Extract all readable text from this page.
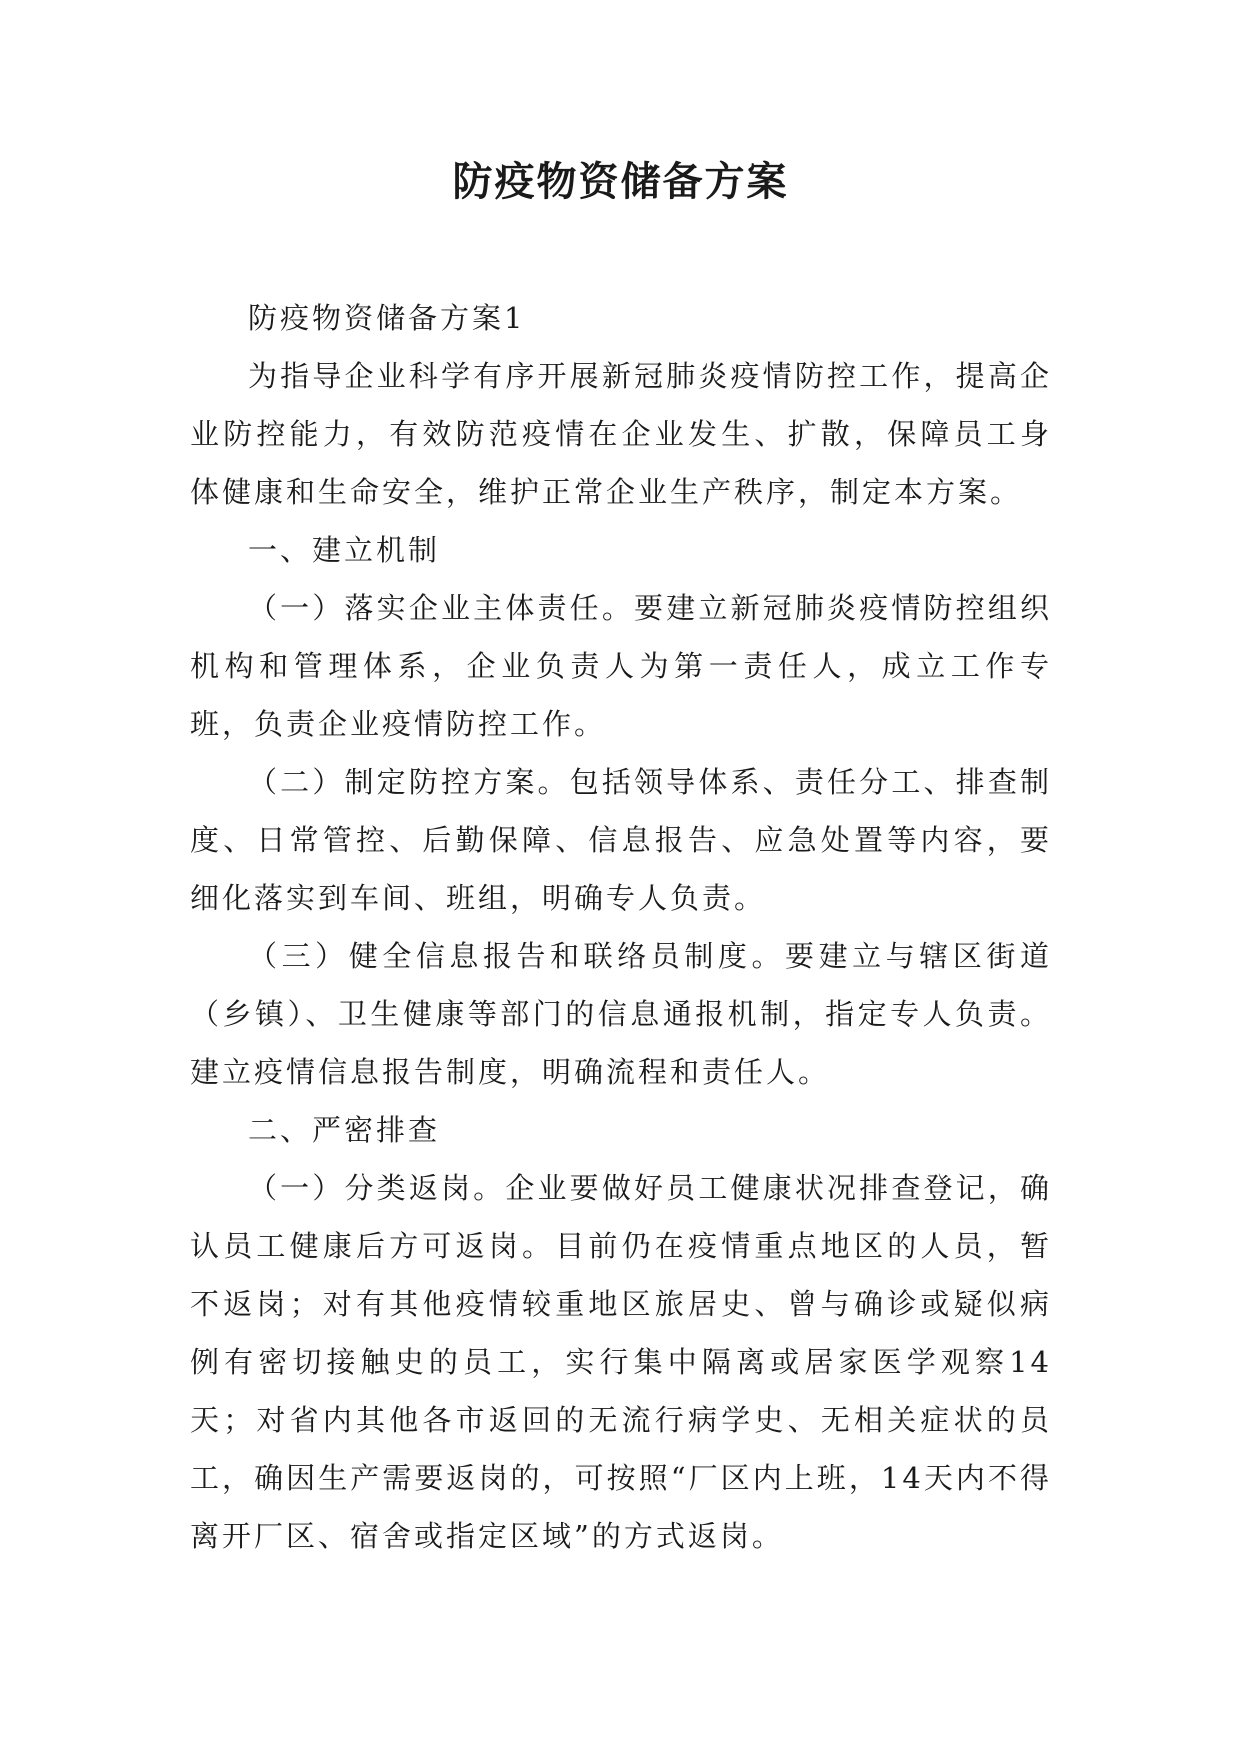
防疫物资储备方案

防疫物资储备方案1

为指导企业科学有序开展新冠肺炎疫情防控工作，提高企业防控能力，有效防范疫情在企业发生、扩散，保障员工身体健康和生命安全，维护正常企业生产秩序，制定本方案。

一、建立机制

（一）落实企业主体责任。要建立新冠肺炎疫情防控组织机构和管理体系，企业负责人为第一责任人，成立工作专班，负责企业疫情防控工作。

（二）制定防控方案。包括领导体系、责任分工、排查制度、日常管控、后勤保障、信息报告、应急处置等内容，要细化落实到车间、班组，明确专人负责。

（三）健全信息报告和联络员制度。要建立与辖区街道（乡镇）、卫生健康等部门的信息通报机制，指定专人负责。建立疫情信息报告制度，明确流程和责任人。

二、严密排查

（一）分类返岗。企业要做好员工健康状况排查登记，确认员工健康后方可返岗。目前仍在疫情重点地区的人员，暂不返岗；对有其他疫情较重地区旅居史、曾与确诊或疑似病例有密切接触史的员工，实行集中隔离或居家医学观察14天；对省内其他各市返回的无流行病学史、无相关症状的员工，确因生产需要返岗的，可按照“厂区内上班，14天内不得离开厂区、宿舍或指定区域”的方式返岗。
